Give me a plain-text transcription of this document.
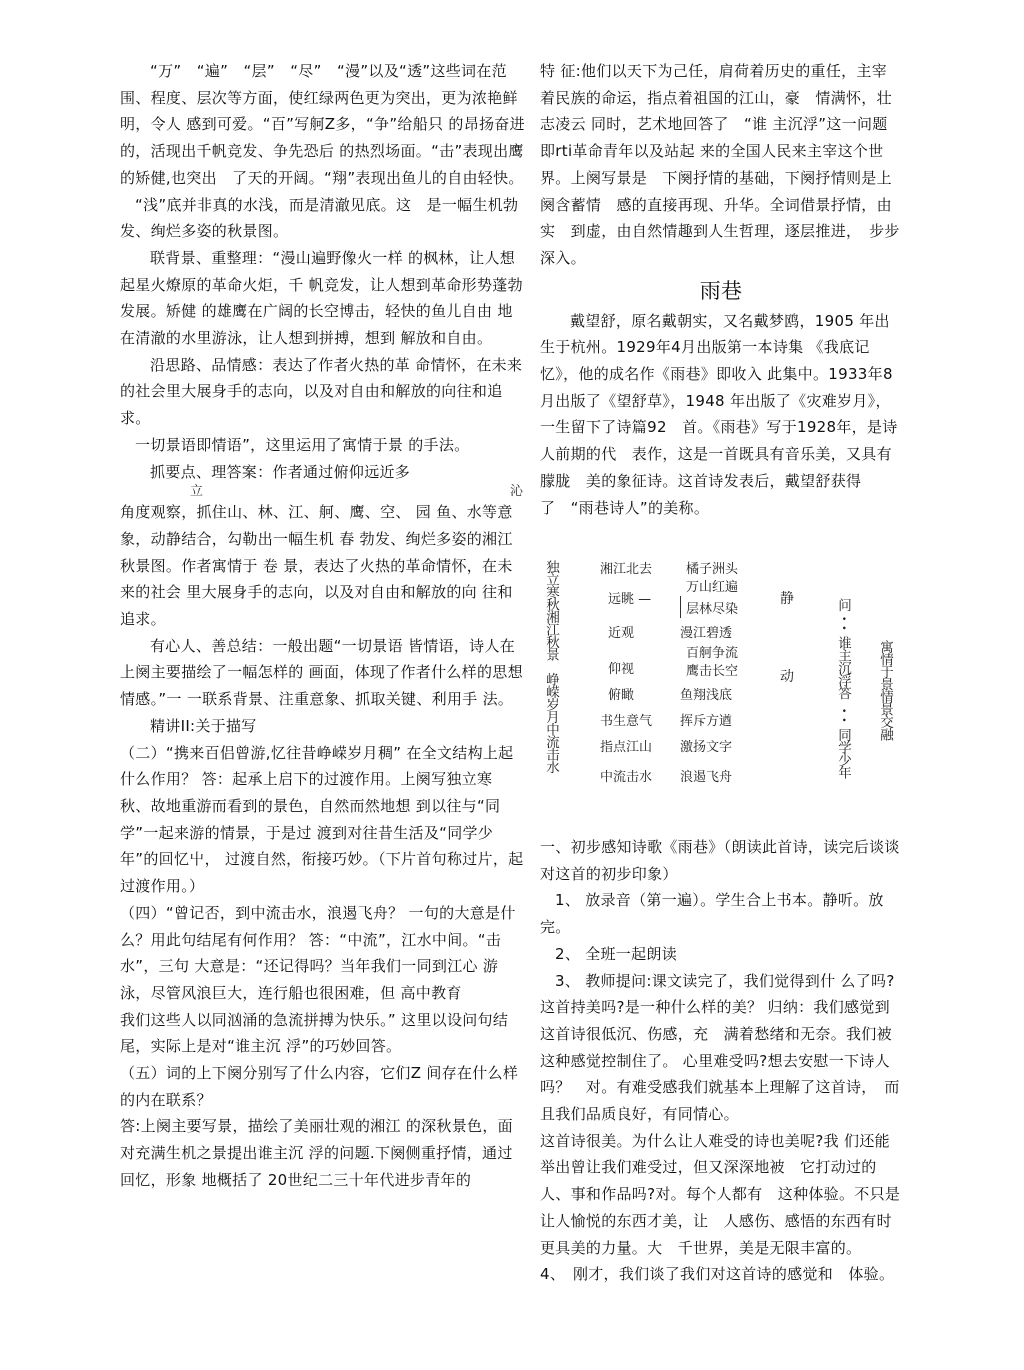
“万”　“遍”　“层”　“尽”　“漫”以及“透”这些词在范围、程度、层次等方面，使红绿两色更为突出，更为浓艳鲜明，令人 感到可爱。“百”写舸Z多，“争”给船只 的昂扬奋进的，活现出千帆竞发、争先恐后 的热烈场面。“击”表现出鹰的矫健,也突出　了天的开阔。“翔”表现出鱼儿的自由轻快。

“浅”底并非真的水浅，而是清澈见底。这　是一幅生机勃发、绚烂多姿的秋景图。

联背景、重整理：“漫山遍野像火一样 的枫林，让人想起星火燎原的革命火炬，千 帆竞发，让人想到革命形势蓬勃发展。矫健 的雄鹰在广阔的长空博击，轻快的鱼儿自由 地在清澈的水里游泳，让人想到拼搏，想到 解放和自由。

沿思路、品情感：表达了作者火热的革 命情怀，在未来的社会里大展身手的志向，以及对自由和解放的向往和追求。

一切景语即情语”，这里运用了寓情于景 的手法。

抓要点、理答案：作者通过俯仰远近多

立	沁

角度观察，抓住山、林、江、舸、鹰、空、 园 鱼、水等意象，动静结合，勾勒出一幅生机 春 勃发、绚烂多姿的湘江秋景图。作者寓情于 卷 景，表达了火热的革命情怀，在未来的社会 里大展身手的志向，以及对自由和解放的向 往和追求。

有心人、善总结：一般出题“一切景语 皆情语，诗人在上阕主要描绘了一幅怎样的 画面，体现了作者什么样的思想情感。”一 一联系背景、注重意象、抓取关键、利用手 法。

精讲II:关于描写

（二）“携来百侣曾游,忆往昔峥嵘岁月稠” 在全文结构上起什么作用？ 答：起承上启下的过渡作用。上阕写独立寒 秋、故地重游而看到的景色，自然而然地想 到以往与“同学”一起来游的情景，于是过 渡到对往昔生活及“同学少年”的回忆屮， 过渡自然，衔接巧妙。（下片首句称过片，起 过渡作用。）

（四）“曾记否，到中流击水，浪遏飞舟？ 一句的大意是什么？用此句结尾有何作用？ 答：“中流”，江水中间。“击水”，三句 大意是：“还记得吗？当年我们一同到江心 游泳，尽管风浪巨大，连行船也很困难，但 高中教育

我们这些人以同汹涌的急流拼搏为快乐。” 这里以设问句结尾，实际上是对“谁主沉 浮”的巧妙回答。

（五）词的上下阕分别写了什么内容，它们Z 间存在什么样的内在联系？

答:上阕主要写景，描绘了美丽壮观的湘江 的深秋景色，面对充满生机之景提出谁主沉 浮的问题.下阕侧重抒情，通过回忆，形象 地概括了 20世纪二三十年代进步青年的

特 征:他们以天下为己任，肩荷着历史的重任，主宰着民族的命运，指点着祖国的江山，豪　情满怀，壮志凌云 同时，艺术地回答了　“谁 主沉浮”这一问题 即rti革命青年以及站起 来的全国人民来主宰这个世界。上阕写景是　下阕抒情的基础，下阕抒情则是上阕含蓄情　感的直接再现、升华。全词借景抒情，由实　到虚，由自然情趣到人生哲理，逐层推进，　步步深入。

雨巷

戴望舒，原名戴朝实，又名戴梦鸥，1905 年出生于杭州。1929年4月出版第一本诗集 《我底记忆》，他的成名作《雨巷》即收入 此集中。1933年8月出版了《望舒草》，1948 年出版了《灾难岁月》，一生留下了诗篇92　首。《雨巷》写于1928年，是诗人前期的代　表作，这是一首既具有音乐美，又具有朦胧　美的象征诗。这首诗发表后，戴望舒获得了　“雨巷诗人”的美称。

独立寒秋湘江秋景　峥嵘岁月中流击水	湘江北去
远眺 —
近观
仰视
俯瞰
书生意气
指点江山
中流击水
橘子洲头
万山红遍
层林尽染
漫江碧透
百舸争流
鹰击长空
鱼翔浅底
挥斥方遒
激扬文字
浪遏飞舟
静
动
问
••
谁主沉浮答
••
同学少年
寓情于景情景交融

一、初步感知诗歌《雨巷》（朗读此首诗，读完后谈谈对这首的初步印象）

1、 放录音（第一遍）。学生合上书本。静听。放完。

2、 全班一起朗读

3、 教师提问:课文读完了，我们觉得到什 么了吗?这首持美吗?是一种什么样的美？ 归纳：我们感觉到这首诗很低沉、伤感，充　满着愁绪和无奈。我们被这种感觉控制住了。 心里难受吗?想去安慰一下诗人吗？　对。有难受感我们就基本上理解了这首诗，　而且我们品质良好，有同情心。

这首诗很美。为什么让人难受的诗也美呢?我 们还能举出曾让我们难受过，但又深深地被　它打动过的人、事和作品吗?对。每个人都有　这种体验。不只是让人愉悦的东西才美，让　人感伤、感悟的东西有时更具美的力量。大　千世界，美是无限丰富的。

4、　刚才，我们谈了我们对这首诗的感觉和　体验。
